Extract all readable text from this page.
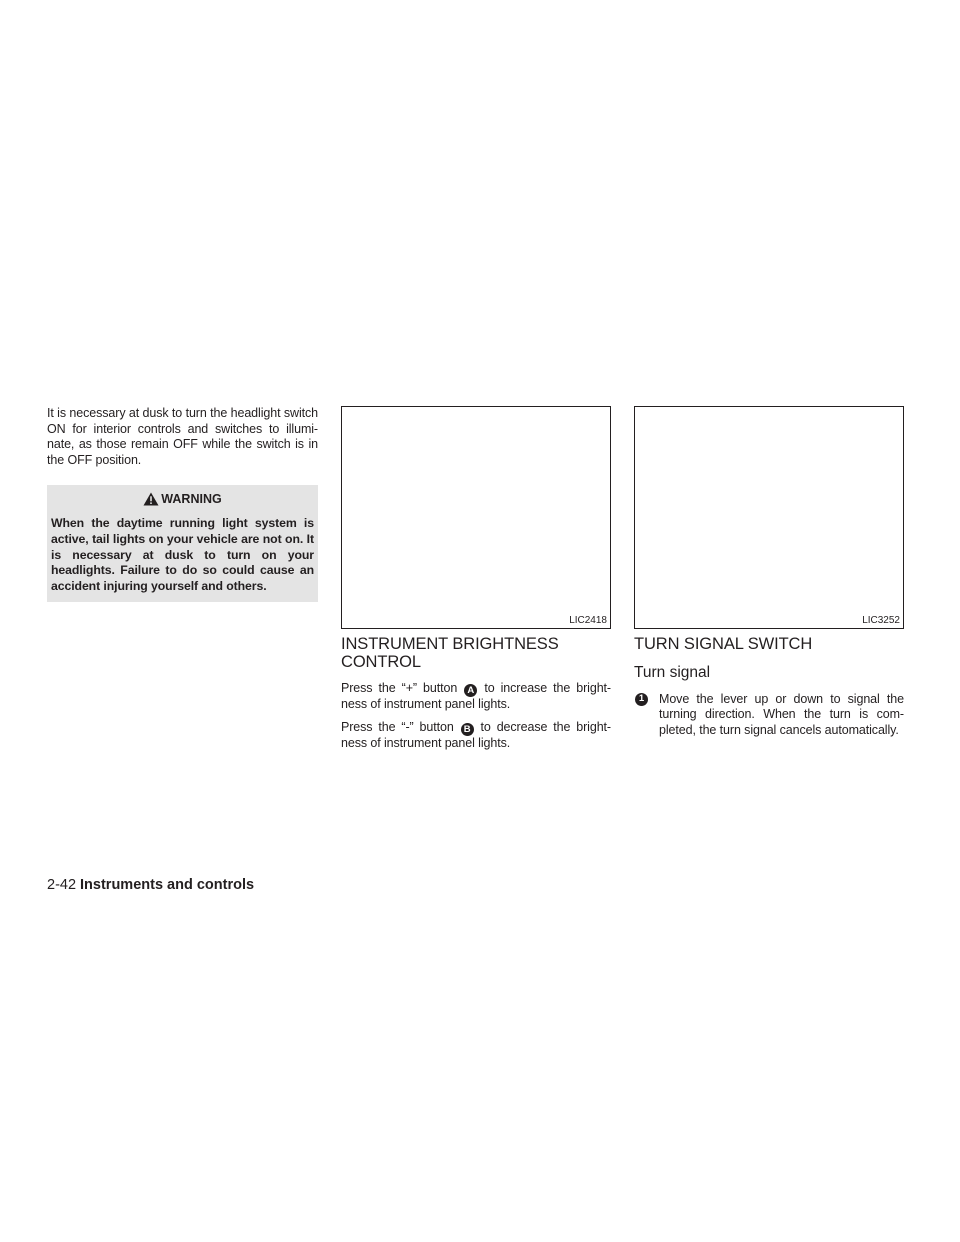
It is necessary at dusk to turn the headlight switch ON for interior controls and switches to illumi- nate, as those remain OFF while the switch is in the OFF position.

WARNING

When the daytime running light system is active, tail lights on your vehicle are not on. It is necessary at dusk to turn on your headlights. Failure to do so could cause an accident injuring yourself and others.

LIC2418	LIC3252
INSTRUMENT BRIGHTNESS
CONTROL

Press the “+” button A to increase the bright- ness of instrument panel lights.

Press the “-” button B to decrease the bright- ness of instrument panel lights.

TURN SIGNAL SWITCH
Turn signal
1	Move the lever up or down to signal the turning direction. When the turn is com- pleted, the turn signal cancels automatically.
2-42 Instruments and controls
